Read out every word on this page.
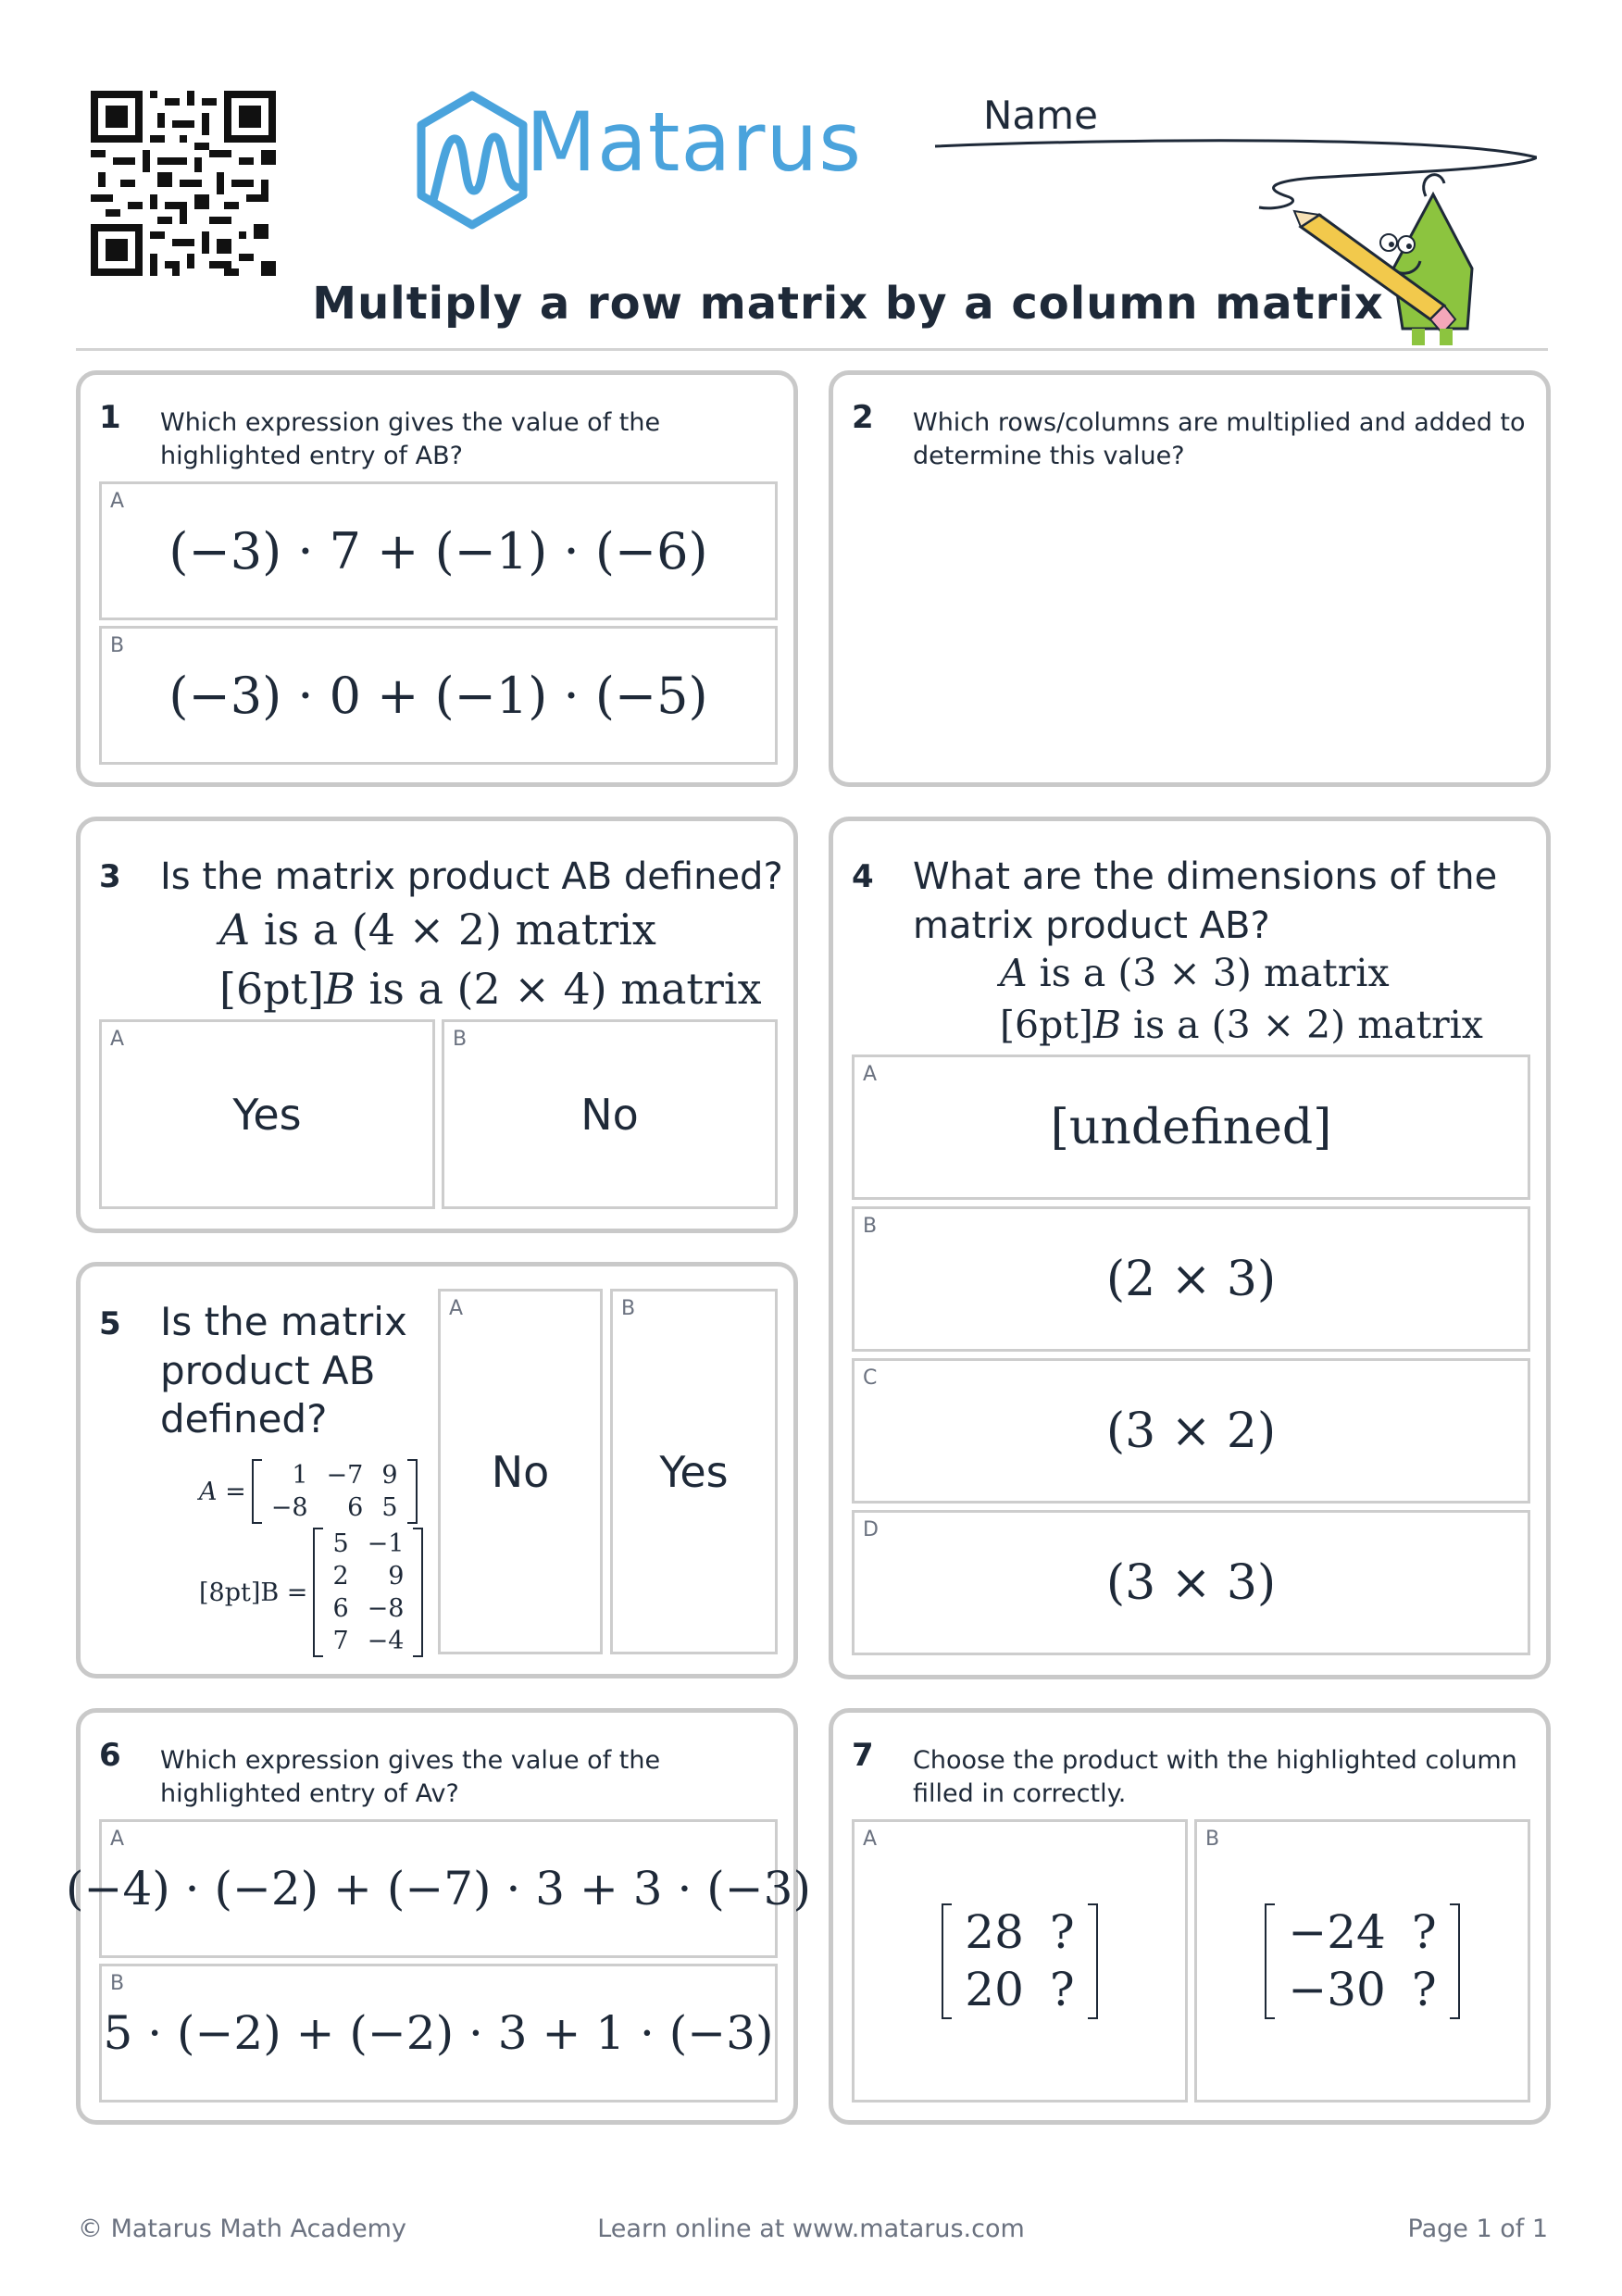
Matarus	Name
Multiply a row matrix by a column matrix
1 Which expression gives the value of the highlighted entry of AB?
A
(−3) · 7 + (−1) · (−6)
B
(−3) · 0 + (−1) · (−5)
2 Which rows/columns are multiplied and added to determine this value?
3 Is the matrix product AB defined?
A is a (4 × 2) matrix
[6pt]B is a (2 × 4) matrix
A
Yes
B
No
4 What are the dimensions of the matrix product AB?
A is a (3 × 3) matrix
[6pt]B is a (3 × 2) matrix
A
[undefined]
B
(2 × 3)
C
(3 × 2)
D
(3 × 3)
5 Is the matrix
product AB
defined?
A =
1	−7	9
−8	6	5
[8pt]B =
5	−1
2	9
6	−8
7	−4
A
No
B
Yes
6 Which expression gives the value of the highlighted entry of Av?
A
(−4) · (−2) + (−7) · 3 + 3 · (−3)
B
5 · (−2) + (−2) · 3 + 1 · (−3)
7 Choose the product with the highlighted column filled in correctly.
A
28	?
20	?
B
−24	?
−30	?
© Matarus Math Academy	Learn online at www.matarus.com	Page 1 of 1
